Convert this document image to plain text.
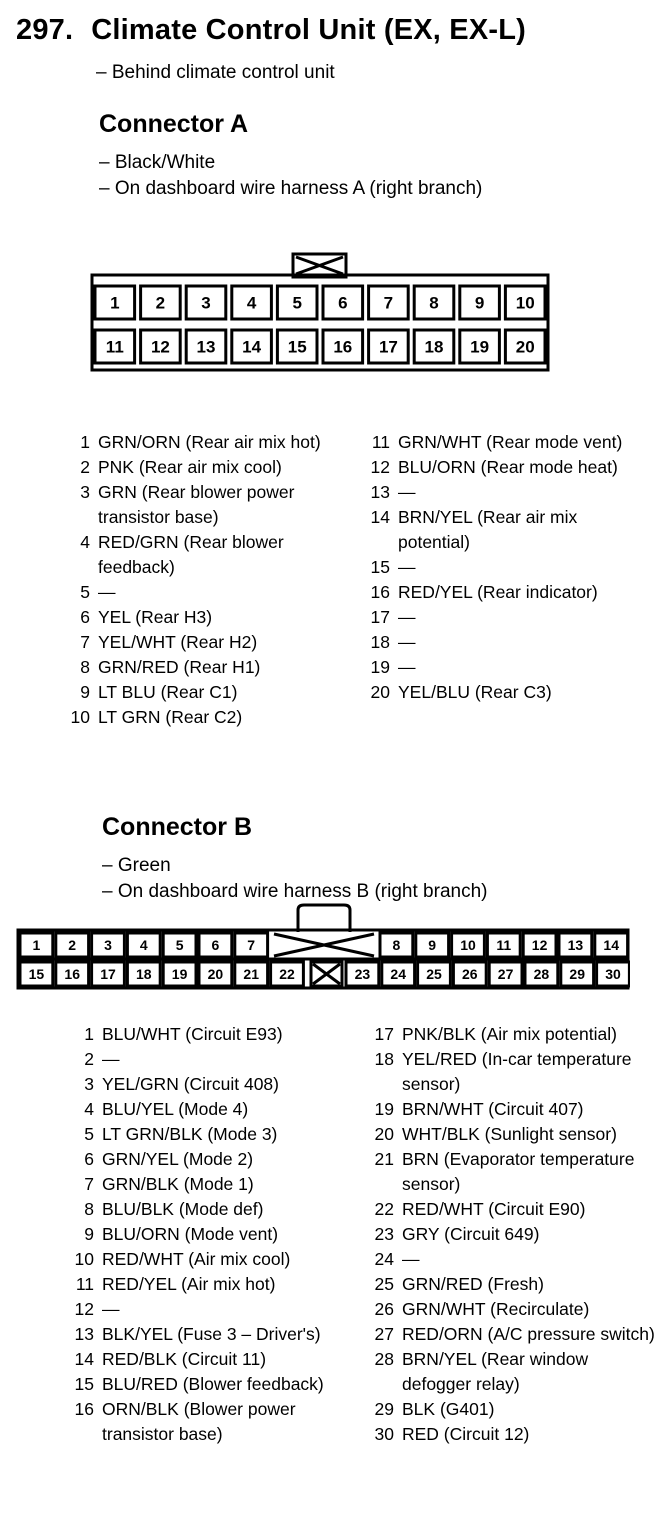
297. Climate Control Unit (EX, EX-L)
– Behind climate control unit
Connector A
– Black/White
– On dashboard wire harness A (right branch)
1 2 3 4 5 6 7 8 9 10
11 12 13 14 15 16 17 18 19 20
1 GRN/ORN (Rear air mix hot)
2 PNK (Rear air mix cool)
3 GRN (Rear blower power transistor base)
4 RED/GRN (Rear blower feedback)
5 —
6 YEL (Rear H3)
7 YEL/WHT (Rear H2)
8 GRN/RED (Rear H1)
9 LT BLU (Rear C1)
10 LT GRN (Rear C2)
11 GRN/WHT (Rear mode vent)
12 BLU/ORN (Rear mode heat)
13 —
14 BRN/YEL (Rear air mix potential)
15 —
16 RED/YEL (Rear indicator)
17 —
18 —
19 —
20 YEL/BLU (Rear C3)
Connector B
– Green
– On dashboard wire harness B (right branch)
1 2 3 4 5 6 7	8 9 10 11 12 13 14
15 16 17 18 19 20 21 22	23 24 25 26 27 28 29 30
1 BLU/WHT (Circuit E93)
2 —
3 YEL/GRN (Circuit 408)
4 BLU/YEL (Mode 4)
5 LT GRN/BLK (Mode 3)
6 GRN/YEL (Mode 2)
7 GRN/BLK (Mode 1)
8 BLU/BLK (Mode def)
9 BLU/ORN (Mode vent)
10 RED/WHT (Air mix cool)
11 RED/YEL (Air mix hot)
12 —
13 BLK/YEL (Fuse 3 – Driver's)
14 RED/BLK (Circuit 11)
15 BLU/RED (Blower feedback)
16 ORN/BLK (Blower power transistor base)
17 PNK/BLK (Air mix potential)
18 YEL/RED (In-car temperature sensor)
19 BRN/WHT (Circuit 407)
20 WHT/BLK (Sunlight sensor)
21 BRN (Evaporator temperature sensor)
22 RED/WHT (Circuit E90)
23 GRY (Circuit 649)
24 —
25 GRN/RED (Fresh)
26 GRN/WHT (Recirculate)
27 RED/ORN (A/C pressure switch)
28 BRN/YEL (Rear window defogger relay)
29 BLK (G401)
30 RED (Circuit 12)
